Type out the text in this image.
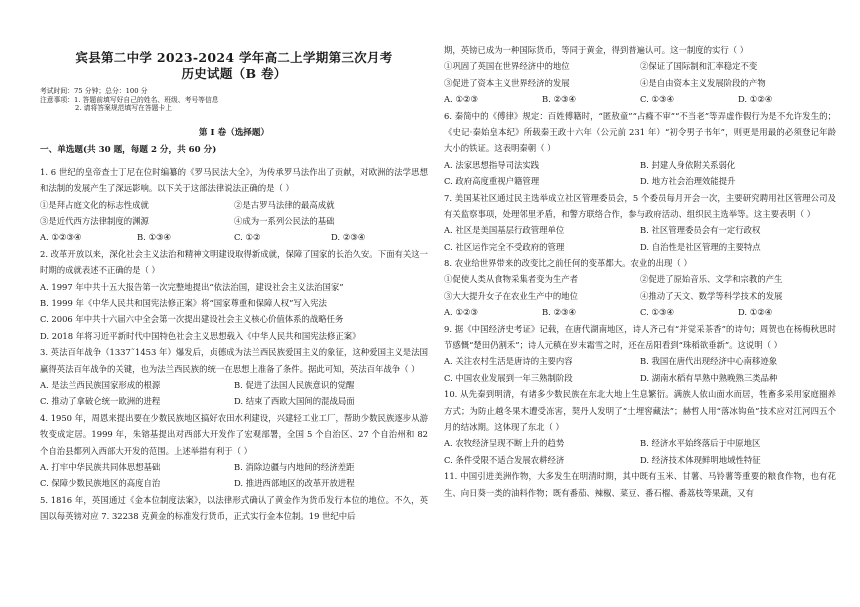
宾县第二中学 2023-2024 学年高二上学期第三次月考
历史试题（B 卷）
考试时间：75 分钟；总分：100 分
注意事项：1. 答题前填写好自己的姓名、班级、考号等信息
2. 请将答案规范填写在答题卡上
第 I 卷（选择题）
一、单选题(共 30 题，每题 2 分，共 60 分)
1. 6 世纪的皇帝查士丁尼在位时编纂的《罗马民法大全》，为传承罗马法作出了贡献，对欧洲的法学思想和法制的发展产生了深远影响。以下关于这部法律说法正确的是（ ）
①是拜占庭文化的标志性成就	②是古罗马法律的最高成就
③是近代西方法律制度的渊源	④成为一系列公民法的基础
A. ①②③④	B. ①③④	C. ①②	D. ②③④
2. 改革开放以来，深化社会主义法治和精神文明建设取得新成就，保障了国家的长治久安。下面有关这一时期的成就表述不正确的是（ ）
A. 1997 年中共十五大报告第一次完整地提出“依法治国，建设社会主义法治国家”
B. 1999 年《中华人民共和国宪法修正案》将“国家尊重和保障人权”写入宪法
C. 2006 年中共十六届六中全会第一次提出建设社会主义核心价值体系的战略任务
D. 2018 年将习近平新时代中国特色社会主义思想载入《中华人民共和国宪法修正案》
3. 英法百年战争（1337˜1453 年）爆发后，贞德成为法兰西民族爱国主义的象征，这种爱国主义是法国赢得英法百年战争的关键，也为法兰西民族的统一在思想上准备了条件。据此可知，英法百年战争（ ）
A. 是法兰西民族国家形成的根源	B. 促进了法国人民族意识的觉醒
C. 推动了拿破仑统一欧洲的进程	D. 结束了西欧大国间的混战局面
4. 1950 年，周恩来提出要在少数民族地区搞好农田水利建设，兴建轻工业工厂，帮助少数民族逐步从游牧变成定居。1999 年，朱镕基提出对西部大开发作了宏观部署，全国 5 个自治区、27 个自治州和 82 个自治县都列入西部大开发的范围。上述举措有利于（ ）
A. 打牢中华民族共同体思想基础	B. 消除边疆与内地间的经济差距
C. 保障少数民族地区的高度自治	D. 推进西部地区的改革开放进程
5. 1816 年，英国通过《金本位制度法案》，以法律形式确认了黄金作为货币发行本位的地位。不久，英国以每英镑对应 7. 32238 克黄金的标准发行货币，正式实行金本位制。19 世纪中后
期，英镑已成为一种国际货币，等同于黄金，得到普遍认可。这一制度的实行（ ）
①巩固了英国在世界经济中的地位	②保证了国际制和汇率稳定不变
③促进了资本主义世界经济的发展	④是自由资本主义发展阶段的产物
A. ①②③	B. ②③④	C. ①③④	D. ①②④
6. 秦简中的《傅律》规定：百姓傅籍时，“匿敖童”“占癃不审”“不当老”等弄虚作假行为是不允许发生的；《史记·秦始皇本纪》所载秦王政十六年（公元前 231 年）“初令男子书年”，则更是用最的必须登记年龄大小的铁证。这表明秦朝（ ）
A. 法家思想指导司法实践	B. 封建人身依附关系弱化
C. 政府高度重视户籍管理	D. 地方社会治理效能提升
7. 美国某社区通过民主选举成立社区管理委员会，5 个委员每月开会一次，主要研究聘用社区管理公司及有关监察事项，处理邻里矛盾，和警方联络合作，参与政府活动、组织民主选举等。这主要表明（ ）
A. 社区是美国基层行政管理单位	B. 社区管理委员会有一定行政权
C. 社区运作完全不受政府的管理	D. 自治性是社区管理的主要特点
8. 农业给世界带来的改变比之前任何的变革都大。农业的出现（ ）
①促使人类从食物采集者变为生产者	②促进了原始音乐、文学和宗教的产生
③大大提升女子在农业生产中的地位	④推动了天文、数学等科学技术的发展
A. ①②③	B. ②③④	C. ①③④	D. ①②④
9. 据《中国经济史考证》记载，在唐代湖南地区，诗人齐己有“并觉采茶香”的诗句；周贺也在杨梅秋思时节感慨“楚田仍割禾”；诗人元稹在岁末霜雪之时，还在岳阳看到“珠稻欲垂新”。这说明（ ）
A. 关注农村生活是唐诗的主要内容	B. 我国在唐代出现经济中心南移迹象
C. 中国农业发展到一年三熟制阶段	D. 湖南水稻有旱熟中熟晚熟三类品种
10. 从先秦到明清，有诸多少数民族在东北大地上生息繁衍。满族人依山面水而居，牲畜多采用家庭圈养方式；为防止越冬果木遭受冻害，契丹人发明了“土埋窖藏法”；赫哲人用“落冰钩鱼”技术应对江河四五个月的结冰期。这体现了东北（ ）
A. 农牧经济呈现不断上升的趋势	B. 经济水平始终落后于中原地区
C. 条件受限不适合发展农耕经济	D. 经济技术体现鲜明地域性特征
11. 中国引进美洲作物，大多发生在明清时期，其中既有玉米、甘薯、马铃薯等重要的粮食作物，也有花生、向日葵一类的油料作物；既有番茄、辣椒、菜豆、番石榴、番荔枝等果蔬，又有
